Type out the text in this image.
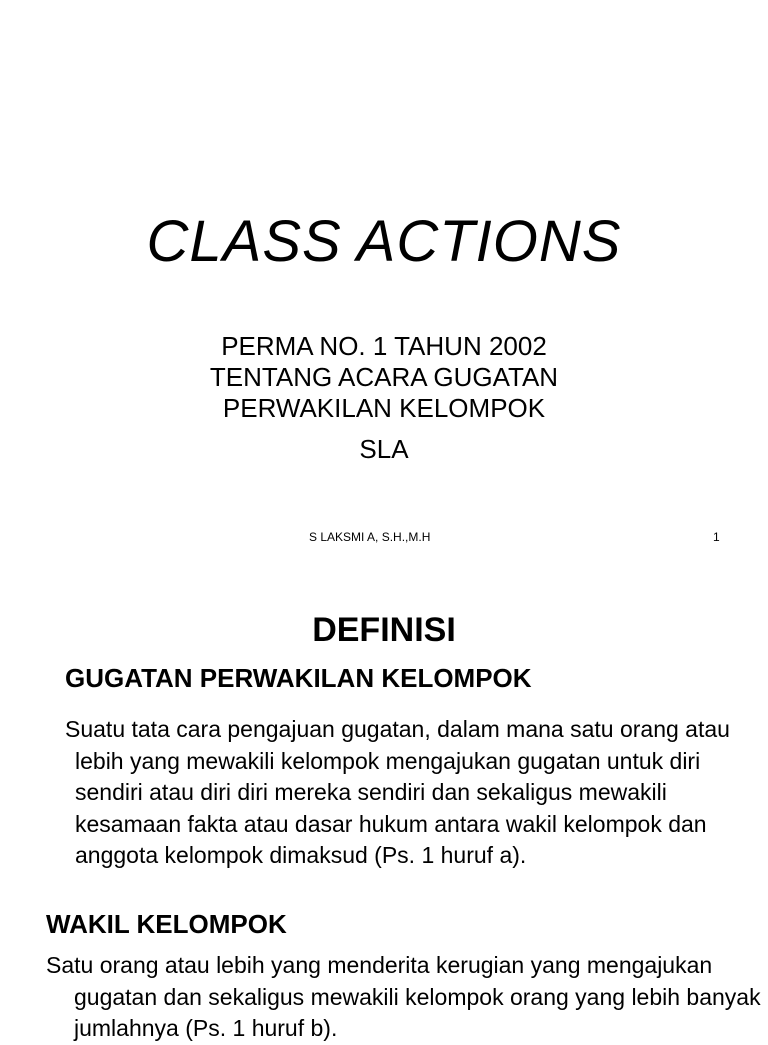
CLASS ACTIONS
PERMA NO. 1 TAHUN 2002
TENTANG ACARA GUGATAN
PERWAKILAN KELOMPOK
SLA
S LAKSMI A, S.H.,M.H	1
DEFINISI
GUGATAN PERWAKILAN KELOMPOK

Suatu tata cara pengajuan gugatan, dalam mana satu orang atau lebih yang mewakili kelompok mengajukan gugatan untuk diri sendiri atau diri diri mereka sendiri dan sekaligus mewakili kesamaan fakta atau dasar hukum antara wakil kelompok dan anggota kelompok dimaksud (Ps. 1 huruf a).

WAKIL KELOMPOK

Satu orang atau lebih yang menderita kerugian yang mengajukan gugatan dan sekaligus mewakili kelompok orang yang lebih banyak jumlahnya (Ps. 1 huruf b).
